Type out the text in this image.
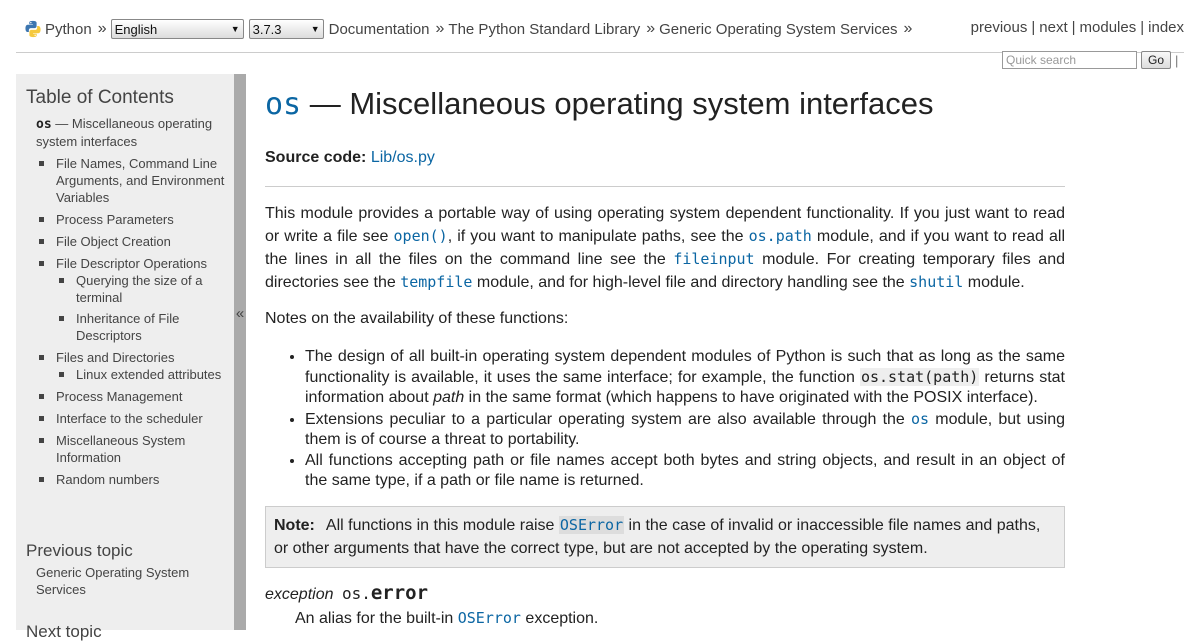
Python » English	▼ 3.7.3	▼ Documentation » The Python Standard Library » Generic Operating System Services »	previous | next | modules | index
Quick search	Go |
Table of Contents
os — Miscellaneous operating system interfaces
File Names, Command Line Arguments, and Environment Variables
Process Parameters
File Object Creation
File Descriptor Operations
Querying the size of a terminal
Inheritance of File Descriptors
Files and Directories
Linux extended attributes
Process Management
Interface to the scheduler
Miscellaneous System Information
Random numbers
Previous topic
Generic Operating System Services
Next topic
«
os — Miscellaneous operating system interfaces
Source code: Lib/os.py

This module provides a portable way of using operating system dependent functionality. If you just want to read or write a file see open(), if you want to manipulate paths, see the os.path module, and if you want to read all the lines in all the files on the command line see the fileinput module. For creating temporary files and directories see the tempfile module, and for high-level file and directory handling see the shutil module.

Notes on the availability of these functions:

• The design of all built-in operating system dependent modules of Python is such that as long as the same functionality is available, it uses the same interface; for example, the function os.stat(path) returns stat information about path in the same format (which happens to have originated with the POSIX interface).
• Extensions peculiar to a particular operating system are also available through the os module, but using them is of course a threat to portability.
• All functions accepting path or file names accept both bytes and string objects, and result in an object of the same type, if a path or file name is returned.
Note: All functions in this module raise OSError in the case of invalid or inaccessible file names and paths, or other arguments that have the correct type, but are not accepted by the operating system.
exception os.error
An alias for the built-in OSError exception.
